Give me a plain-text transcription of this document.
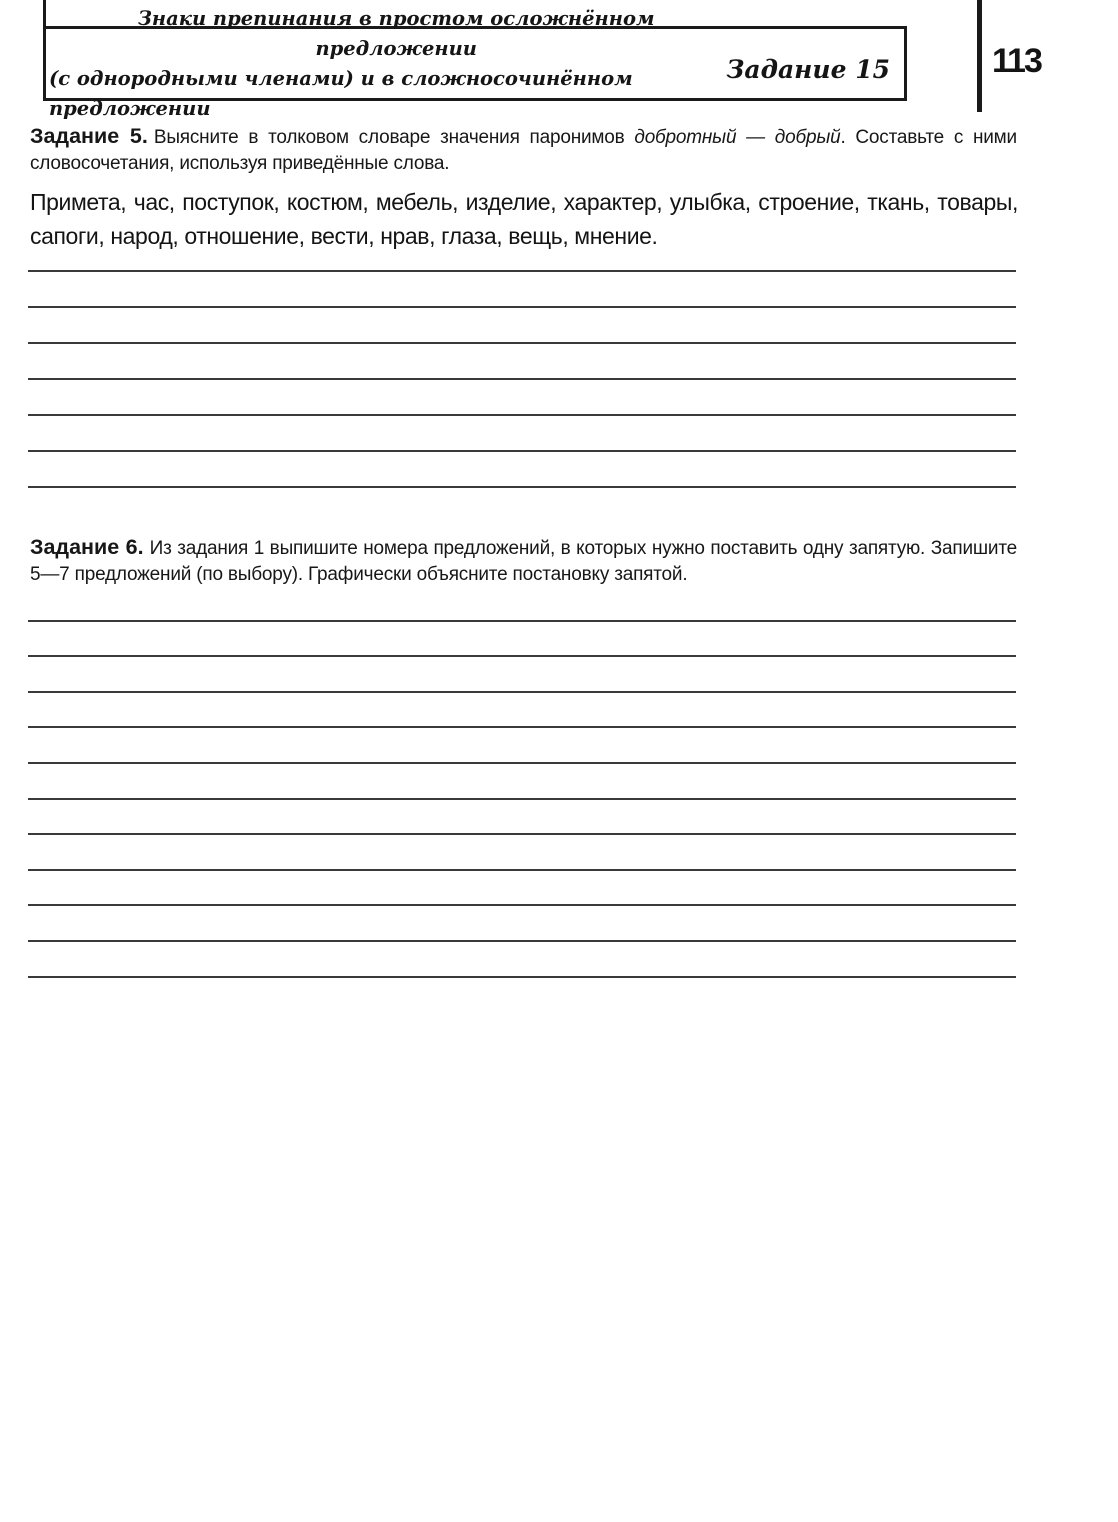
Знаки препинания в простом осложнённом предложении
(с однородными членами) и в сложносочинённом предложении
Задание 15	113

Задание 5. Выясните в толковом словаре значения паронимов добротный — добрый. Составьте с ними словосочетания, используя приведённые слова.

Примета, час, поступок, костюм, мебель, изделие, характер, улыбка, строение, ткань, товары, сапоги, народ, отношение, вести, нрав, глаза, вещь, мнение.

Задание 6. Из задания 1 выпишите номера предложений, в которых нужно поставить одну запятую. Запишите 5—7 предложений (по выбору). Графически объясните постановку запятой.
